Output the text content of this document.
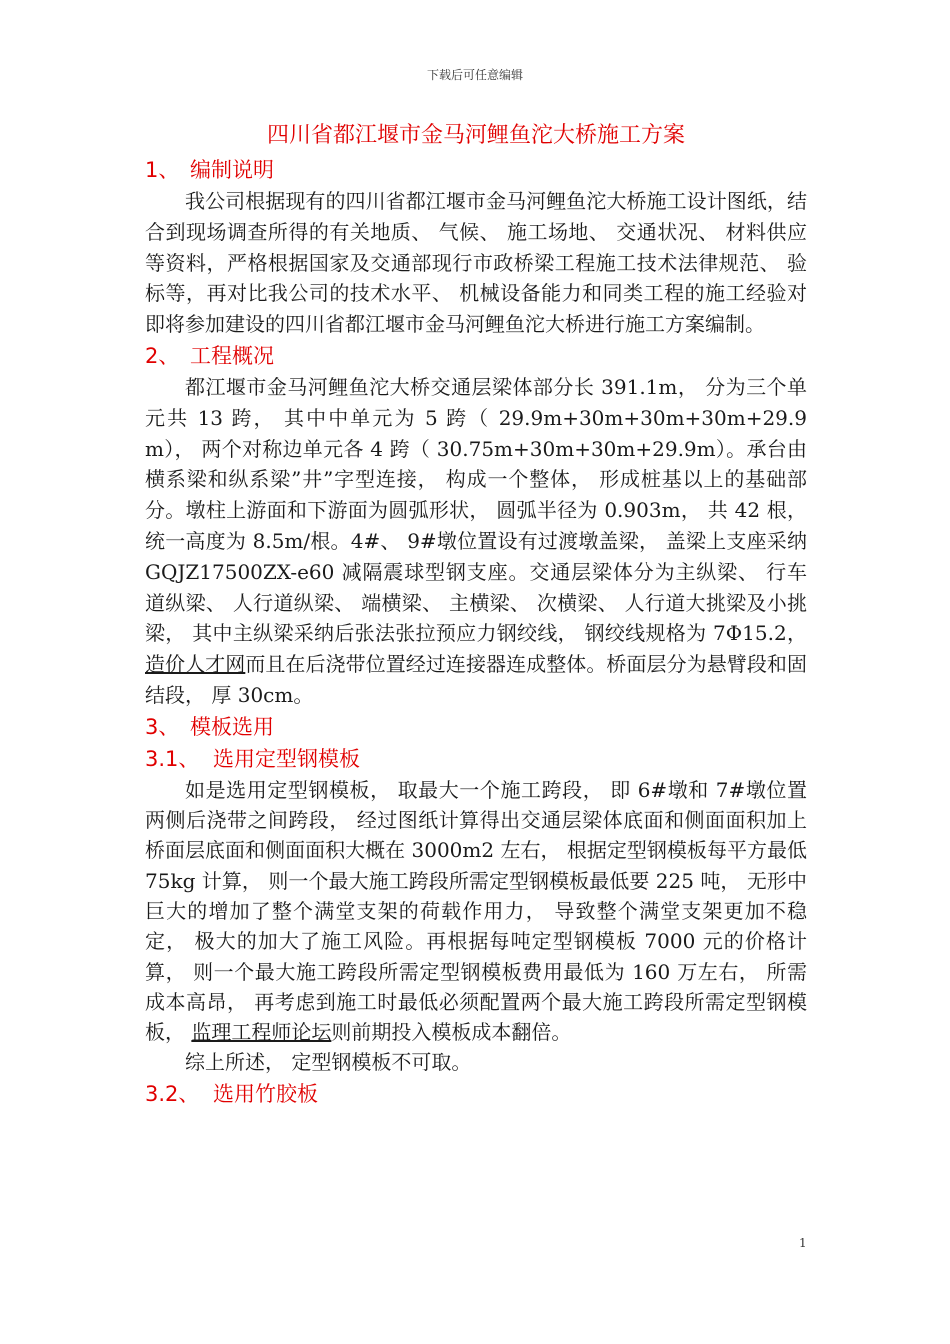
下载后可任意编辑
四川省都江堰市金马河鲤鱼沱大桥施工方案
1、 编制说明
我公司根据现有的四川省都江堰市金马河鲤鱼沱大桥施工设计图纸，结合到现场调查所得的有关地质、 气候、 施工场地、 交通状况、 材料供应等资料，严格根据国家及交通部现行市政桥梁工程施工技术法律规范、 验标等，再对比我公司的技术水平、 机械设备能力和同类工程的施工经验对即将参加建设的四川省都江堰市金马河鲤鱼沱大桥进行施工方案编制。
2、 工程概况
都江堰市金马河鲤鱼沱大桥交通层梁体部分长 391.1m， 分为三个单元共 13 跨， 其中中单元为 5 跨（ 29.9m+30m+30m+30m+29.9m）， 两个对称边单元各 4 跨（ 30.75m+30m+30m+29.9m）。承台由横系梁和纵系梁”井”字型连接， 构成一个整体， 形成桩基以上的基础部分。墩柱上游面和下游面为圆弧形状， 圆弧半径为 0.903m， 共 42 根， 统一高度为 8.5m/根。4#、 9#墩位置设有过渡墩盖梁， 盖梁上支座采纳 GQJZ17500ZX-e60 减隔震球型钢支座。交通层梁体分为主纵梁、 行车道纵梁、 人行道纵梁、 端横梁、 主横梁、 次横梁、 人行道大挑梁及小挑梁， 其中主纵梁采纳后张法张拉预应力钢绞线， 钢绞线规格为 7Φ15.2， 造价人才网而且在后浇带位置经过连接器连成整体。桥面层分为悬臂段和固结段， 厚 30cm。
3、 模板选用
3.1、 选用定型钢模板
如是选用定型钢模板， 取最大一个施工跨段， 即 6#墩和 7#墩位置两侧后浇带之间跨段， 经过图纸计算得出交通层梁体底面和侧面面积加上桥面层底面和侧面面积大概在 3000m2 左右， 根据定型钢模板每平方最低 75kg 计算， 则一个最大施工跨段所需定型钢模板最低要 225 吨， 无形中巨大的增加了整个满堂支架的荷载作用力， 导致整个满堂支架更加不稳定， 极大的加大了施工风险。再根据每吨定型钢模板 7000 元的价格计算， 则一个最大施工跨段所需定型钢模板费用最低为 160 万左右， 所需成本高昂， 再考虑到施工时最低必须配置两个最大施工跨段所需定型钢模板， 监理工程师论坛则前期投入模板成本翻倍。
综上所述， 定型钢模板不可取。
3.2、 选用竹胶板
1
